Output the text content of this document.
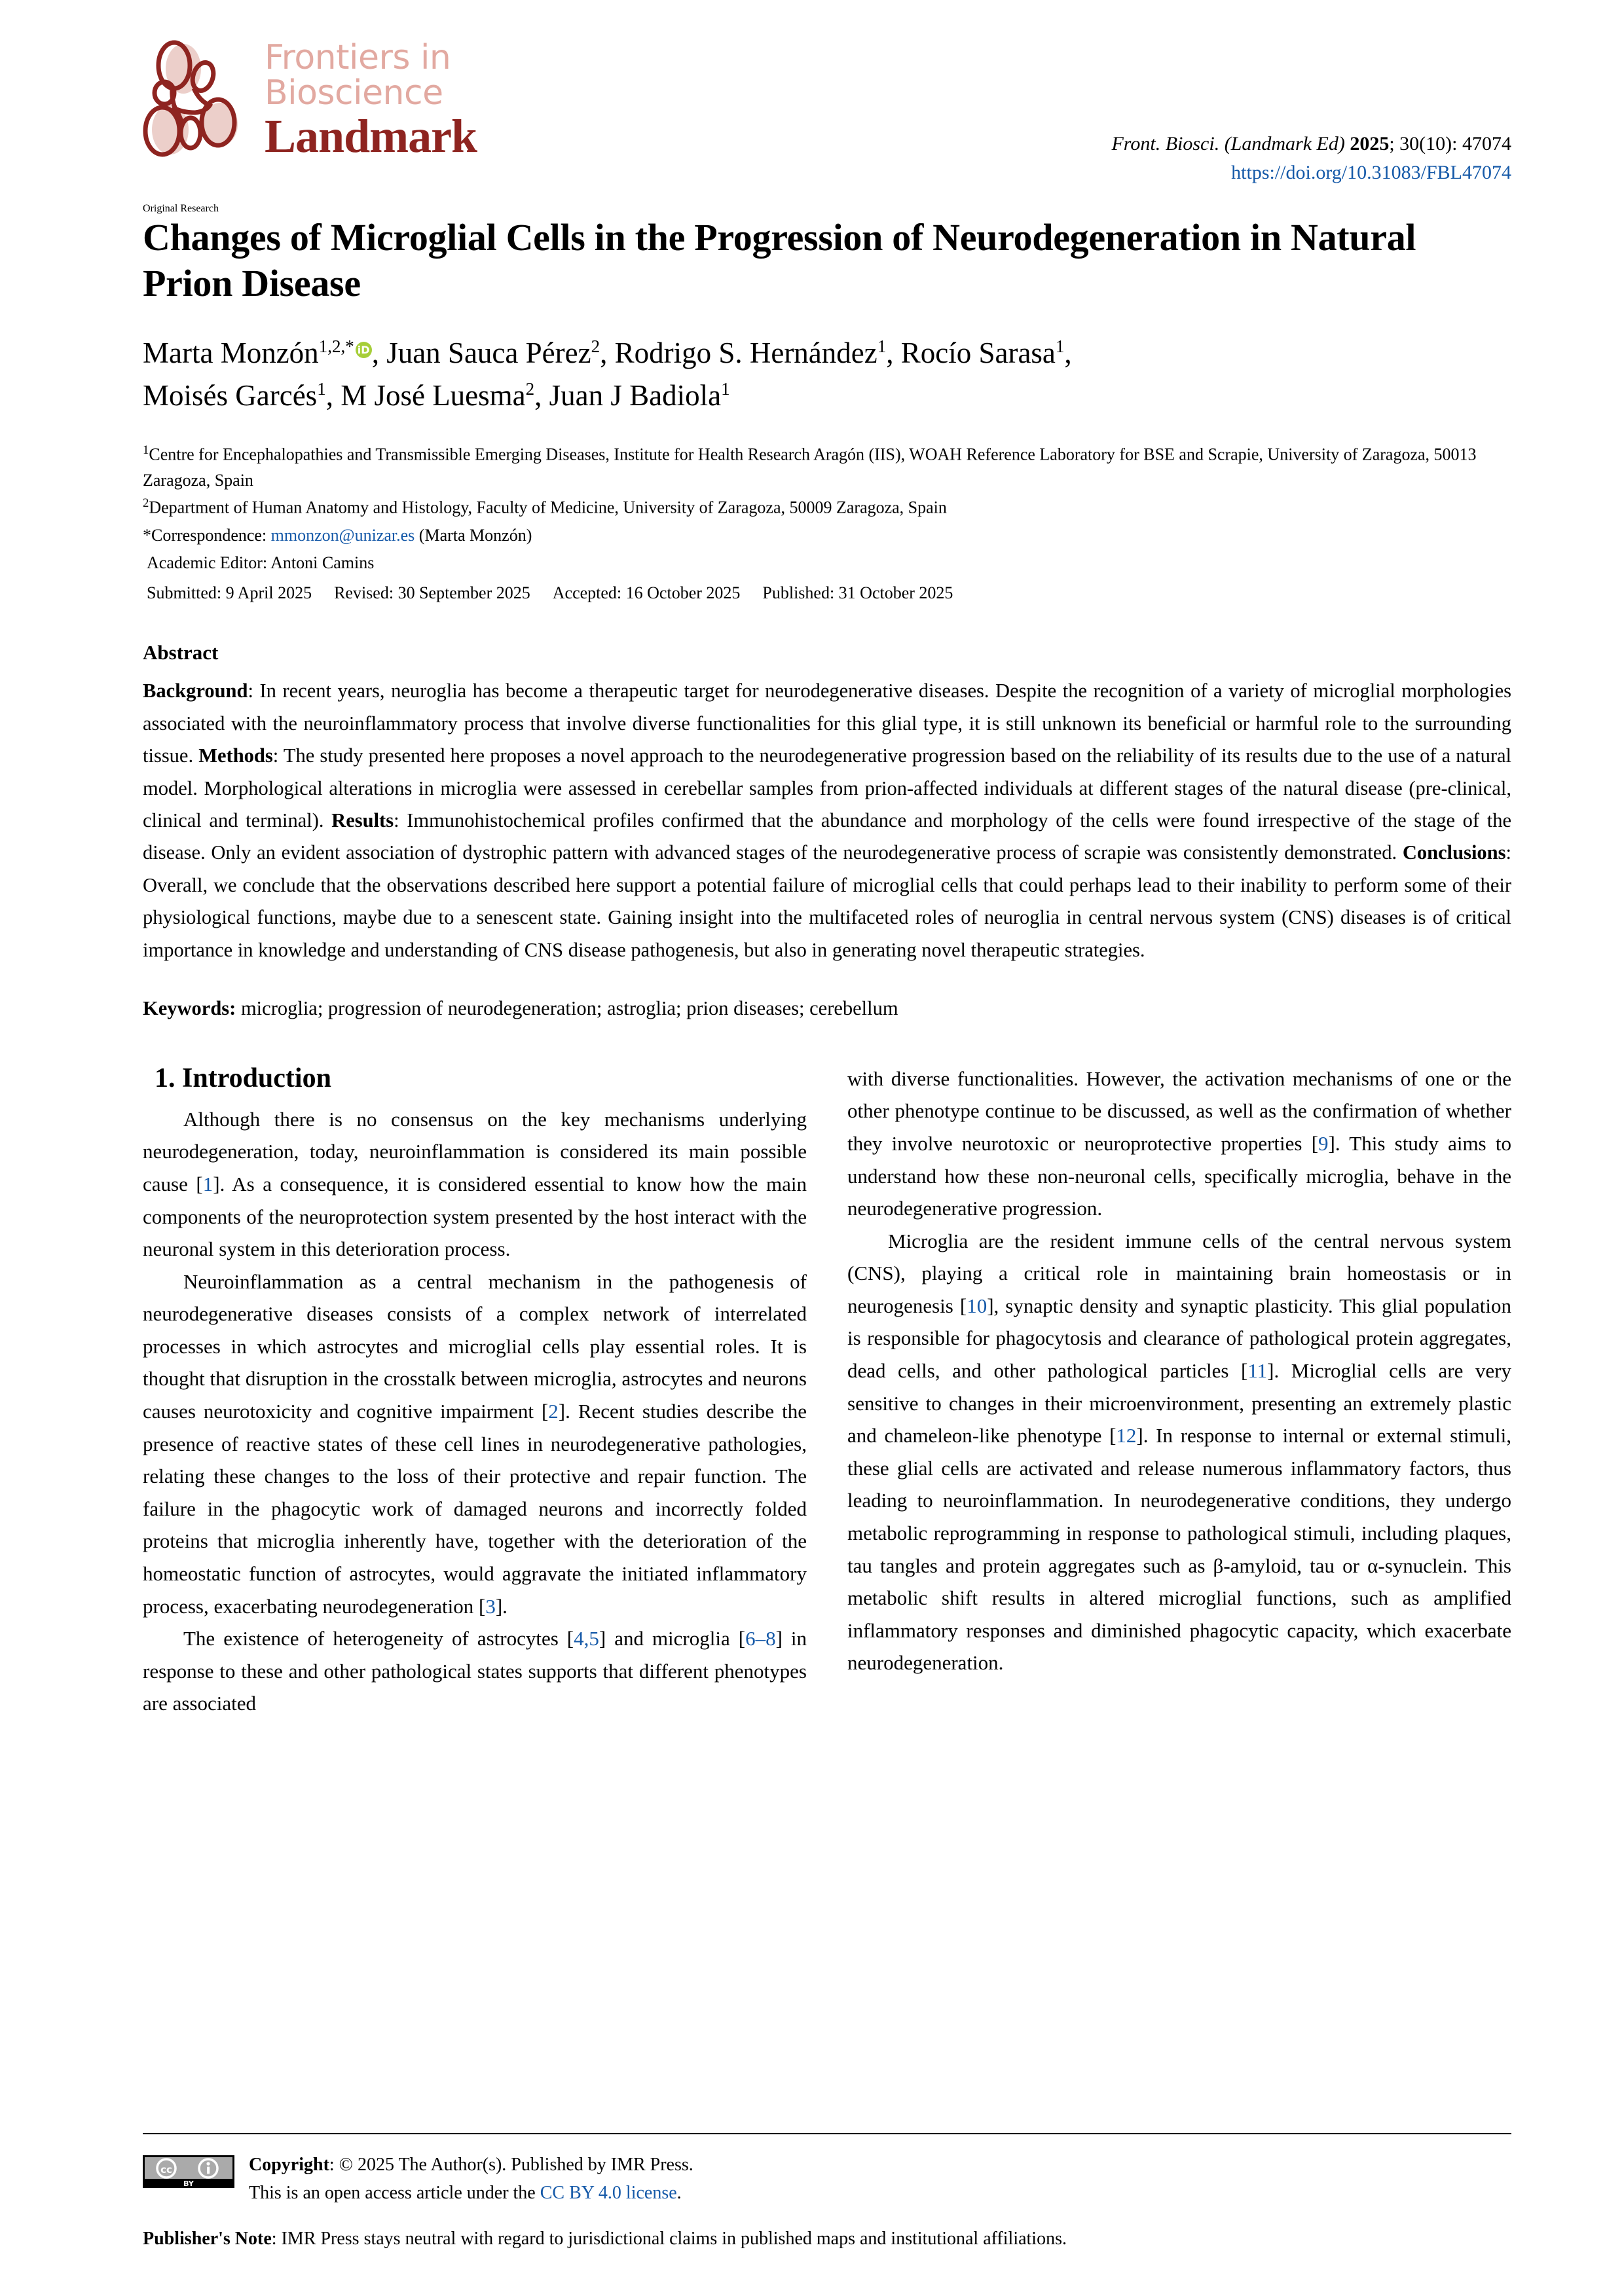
Frontiers in
Bioscience
Landmark	Front. Biosci. (Landmark Ed) 2025; 30(10): 47074
https://doi.org/10.31083/FBL47074
Original Research
Changes of Microglial Cells in the Progression of Neurodegeneration in Natural Prion Disease
Marta Monzón$^{1,2,*}$ iD, Juan Sauca Pérez$^2$, Rodrigo S. Hernández$^1$, Rocío Sarasa$^1$,
Moisés Garcés$^1$, M José Luesma$^2$, Juan J Badiola$^1$
$^1$Centre for Encephalopathies and Transmissible Emerging Diseases, Institute for Health Research Aragón (IIS), WOAH Reference Laboratory for BSE and Scrapie, University of Zaragoza, 50013 Zaragoza, Spain
$^2$Department of Human Anatomy and Histology, Faculty of Medicine, University of Zaragoza, 50009 Zaragoza, Spain
*Correspondence: mmonzon@unizar.es (Marta Monzón)
Academic Editor: Antoni Camins
Submitted: 9 April 2025 Revised: 30 September 2025 Accepted: 16 October 2025 Published: 31 October 2025
Abstract

Background: In recent years, neuroglia has become a therapeutic target for neurodegenerative diseases. Despite the recognition of a variety of microglial morphologies associated with the neuroinflammatory process that involve diverse functionalities for this glial type, it is still unknown its beneficial or harmful role to the surrounding tissue. Methods: The study presented here proposes a novel approach to the neurodegenerative progression based on the reliability of its results due to the use of a natural model. Morphological alterations in microglia were assessed in cerebellar samples from prion-affected individuals at different stages of the natural disease (pre-clinical, clinical and terminal). Results: Immunohistochemical profiles confirmed that the abundance and morphology of the cells were found irrespective of the stage of the disease. Only an evident association of dystrophic pattern with advanced stages of the neurodegenerative process of scrapie was consistently demonstrated. Conclusions: Overall, we conclude that the observations described here support a potential failure of microglial cells that could perhaps lead to their inability to perform some of their physiological functions, maybe due to a senescent state. Gaining insight into the multifaceted roles of neuroglia in central nervous system (CNS) diseases is of critical importance in knowledge and understanding of CNS disease pathogenesis, but also in generating novel therapeutic strategies.

Keywords: microglia; progression of neurodegeneration; astroglia; prion diseases; cerebellum
1. Introduction

Although there is no consensus on the key mechanisms underlying neurodegeneration, today, neuroinflammation is considered its main possible cause [1]. As a consequence, it is considered essential to know how the main components of the neuroprotection system presented by the host interact with the neuronal system in this deterioration process.

Neuroinflammation as a central mechanism in the pathogenesis of neurodegenerative diseases consists of a complex network of interrelated processes in which astrocytes and microglial cells play essential roles. It is thought that disruption in the crosstalk between microglia, astrocytes and neurons causes neurotoxicity and cognitive impairment [2]. Recent studies describe the presence of reactive states of these cell lines in neurodegenerative pathologies, relating these changes to the loss of their protective and repair function. The failure in the phagocytic work of damaged neurons and incorrectly folded proteins that microglia inherently have, together with the deterioration of the homeostatic function of astrocytes, would aggravate the initiated inflammatory process, exacerbating neurodegeneration [3].

The existence of heterogeneity of astrocytes [4,5] and microglia [6–8] in response to these and other pathological states supports that different phenotypes are associated

with diverse functionalities. However, the activation mechanisms of one or the other phenotype continue to be discussed, as well as the confirmation of whether they involve neurotoxic or neuroprotective properties [9]. This study aims to understand how these non-neuronal cells, specifically microglia, behave in the neurodegenerative progression.

Microglia are the resident immune cells of the central nervous system (CNS), playing a critical role in maintaining brain homeostasis or in neurogenesis [10], synaptic density and synaptic plasticity. This glial population is responsible for phagocytosis and clearance of pathological protein aggregates, dead cells, and other pathological particles [11]. Microglial cells are very sensitive to changes in their microenvironment, presenting an extremely plastic and chameleon-like phenotype [12]. In response to internal or external stimuli, these glial cells are activated and release numerous inflammatory factors, thus leading to neuroinflammation. In neurodegenerative conditions, they undergo metabolic reprogramming in response to pathological stimuli, including plaques, tau tangles and protein aggregates such as β-amyloid, tau or α-synuclein. This metabolic shift results in altered microglial functions, such as amplified inflammatory responses and diminished phagocytic capacity, which exacerbate neurodegeneration.

cc
BY
Copyright: © 2025 The Author(s). Published by IMR Press.
This is an open access article under the CC BY 4.0 license.
Publisher's Note: IMR Press stays neutral with regard to jurisdictional claims in published maps and institutional affiliations.
